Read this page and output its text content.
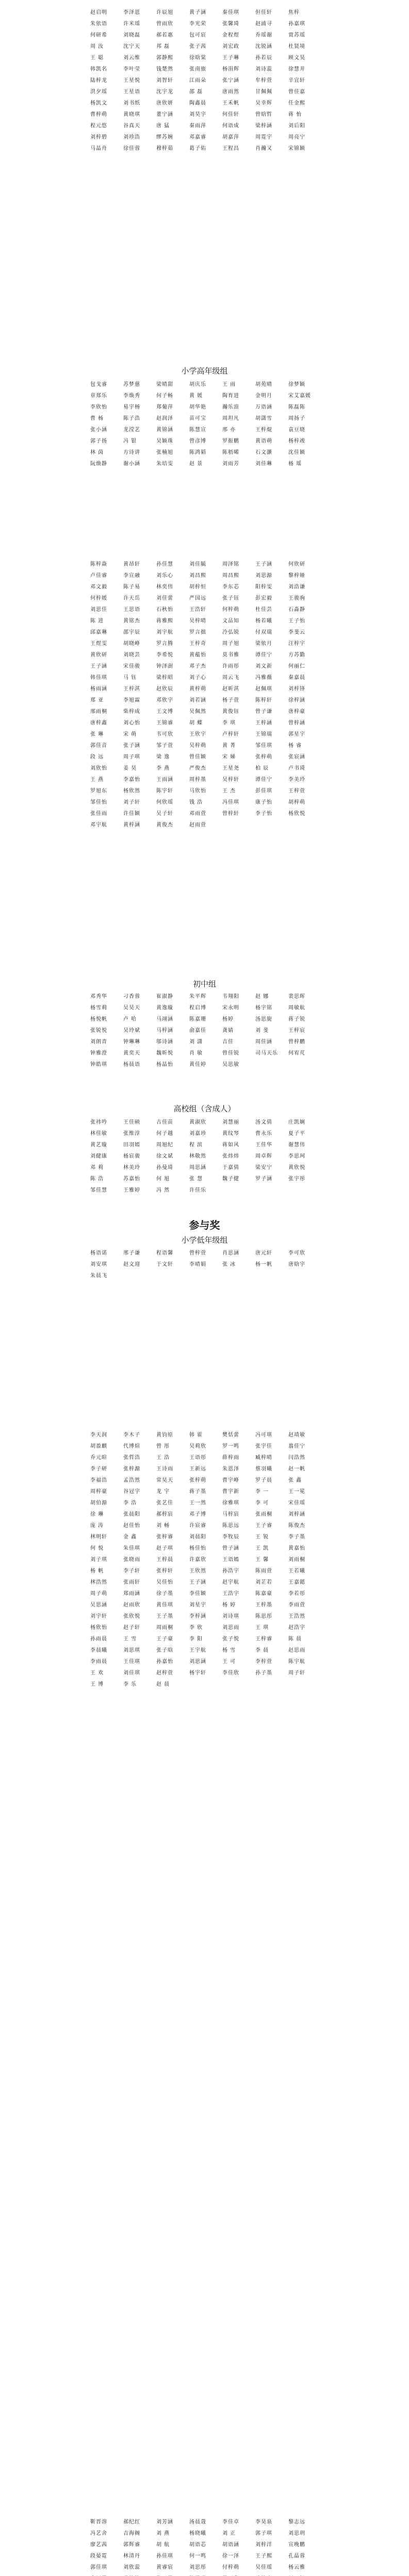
赵启明	李泽恩	许辰旭	黄子涵	秦佳琪	但佳轩	焦梓
朱依语	许米瑶	曾雨欣	李光荣	张馨琦	赵浦寻	孙嘉琪
何研希	刘晓磊	郝若惠	包可宸	金程煜	乔瑶谢	贾苏瑶
周 汝	沈宁天	邦 磊	张子茜	刘宏政	沈锐涵	杜贤境
王 聪	刘云维	郭静熙	徐晗棠	王子琳	孙若辰	顾文昊
韩凯名	李叶莹	钱楚然	张南旅	杨涓辉	刘诗蕊	徐慧并
陆梓龙	王星悦	刘智轩	江雨朵	张宁涵	牟梓萱	辛宜轩
洪夕瑶	王星语	沈宇龙	邵 磊	唐雨然	甘佩佩	曾佳嘉
杨凯文	刘书纸	唐欣妍	陶鑫晨	王禾帆	吴幸辉	任金熙
曹梓萌	黄晓琪	董宁涵	刘昊宇	何佳轩	曾晗哲	蒋 怡
程元悠	谷真天	唐 猛	秦雨萍	何语成	梁梓涵	刘后阳
刘梓碧	刘珍浩	缪苏婉	邓嘉睿	胡嘉萍	周霓宇	周亮宁
马晶舟	徐佳蓉	穆梓茹	葛子佑	王程昌	肖瀚又	宋锦颖
小学高年级组
包戈睿	苏梦慈	梁晴甜	胡庆乐	王 雨	胡苑晴	徐梦颖
章郑乐	李焕秀	何子畅	黄 媛	陶育进	金明月	宋艾嘉媛
李欣怡	易宇杨	郑葡萍	胡华艳	瀚乐浪	万语涵	陈磊陈
曹 杨	陈子浩	赵润泽	苗可宝	周坦凡	胡潇雪	周扬子
张小涵	龙滢艺	黄锦涵	陈慧宣	邢 亦	王梓焜	袁豆晓
郭子扬	冯 银	吴颖珠	曾彦博	罗振鹏	黄语萌	杨梓竣
林 茵	方诗讲	张楠旭	陈鸿韬	陈梧晞	石文灏	沈佳颖
阮焕静	谢小涵	朱培雯	赵 景	刘雨芳	刘佳琳	杨 瑶
陈梓焱	黄昂轩	孙佳慧	刘佳毓	周泽铭	王子涵	何欣研
卢佳睿	李宣融	刘乐心	刘昌熙	周昌熙	刘思源	黎梓娅
邓文毅	陈子易	林奕伟	胡梓恒	李东芯	阳梓雯	刘浩谦
何梓媛	许天岳	刘佳蕾	严国远	张子钰	彭宏毅	王骏驹
刘思佳	王思语	石秋怡	王浩轩	何梓萌	杜佳芸	石淼静
陈 进	黄铭杰	蒋雅熙	吴梓晴	文品知	杨若曦	王子怡
邱嘉琳	邵宇辰	刘宇航	罗言拙	冷弘锐	付双瑞	李斐云
王煜雯	胡晓峰	罗言腾	王梓奇	周子旭	梁依月	汪梓宇
黄欣研	刘晓芸	李希悦	黄蕴怡	莫书雅	谭佳宁	方苏勤
王子涵	宋佳骏	钟泽澍	邓子杰	许雨彤	刘文新	何丽仁
韩佳琪	马 钰	梁梓昭	刘子心	周云飞	冯雅薇	秦嘉晨
杨雨涵	王梓淇	赵欣辰	黄梓萌	赵昕淇	赵佩琪	刘梓锋
郑 亚	李旭霖	邓欣宇	刘若涵	杨子萱	陈梓轩	徐梓涵
邢雨桐	柴梓成	王文博	吴佩然	黄俊钰	曾子谦	唐梓豪
唐梓鑫	刘心怡	王锦睿	胡 蝶	李 琪	王梓涵	曾梓涵
张 琳	宋 萌	韦可欣	王欣宇	卢梓轩	王锦瑞	郭星宇
郭佳音	张子涵	邹子萱	吴梓萌	黄 菁	邹佳琪	杨 睿
段 远	周子琪	梁 逸	曾佳颖	宋 娣	张梓萌	张宸涵
刘欣怡	姜 昊	李 燕	严俊杰	王星尧	柏 辰	卢书琦
王 燕	李嘉怡	王雨涵	周梓墨	吴梓轩	谭佳宁	李美玲
罗旭东	杨欣然	陈宇轩	马欣怡	王 杰	彭佳琪	王梓萱
邹佳怡	刘子轩	何欣瑶	钱 浩	冯佳琪	康子怡	胡梓萌
张佳雨	许佳颖	吴子轩	邓雨萱	曾梓轩	李子怡	杨欣悦
邓宇航	黄梓涵	黄俊杰	赵雨萱
初中组
邓秀华	刁香蓉	崔淑静	朱平辉	韦翔阳	赵 娜	裴思晖
杨雪莉	吴昊天	黄逸璇	程启博	宋永明	杨宇铭	周敏航
杨悦帆	卢 哈	马翊涵	陈嘉珊	杨婷	汤思旎	蒋子锐
张锐悦	吴玲斌	马梓涵	俞嘉佳	龚婧	刘 斐	王梓宸
刘朗青	钟琳琳	邬诗涵	刘 潇	吉佳	周佳涵	曾梓鹏
钟雅澄	黄奕天	魏昕悦	肖 敏	曾佳锐	司马天乐	何宥芃
钟皓琪	杨晨语	杨晶怡	黄佳婷	吴思敏
高校组（含成人）
张祎吟	王佳硕	古佳苗	黄淑欣	刘慧丽	汤文倩	庄凯娴
林佳敏	张维淳	何子越	刘嘉珍	黄纹琴	曹永乐	夏子平
黄艺璇	田羽嫣	周旭纪	程 滨	蒋如风	王佳华	谢慧伟
刘健康	杨宸骏	徐文斌	林敬然	张炜炜	周卓辉	李思珂
邓 莉	林美玲	孙曼琦	周思涵	于嘉倩	梁安宁	黄欣悦
陈 浩	苏嘉怡	何 旭	张 慧	魏子健	罗子涵	张宇彤
邹佳慧	王雅婷	冯 然	许佳乐
参与奖
小学低年级组
杨语诺	邢子谦	程语馨	曾梓萱	肖思涵	唐元轩	李可欣
刘安琪	赵文迎	于文轩	李晴娟	张 冰	杨一帆	唐晗宇
朱晨飞
李天润	李木子	黄钧原	韩 霍	樊恬蕾	冯可琪	赵靖敏
胡盈麒	代博煊	曾 彤	吴莉欣	罗一鸣	张宇佳	翁佳宁
乔元暄	张哲浩	王 浩	王语彤	薛梓雨	臧梓晴	闫浩然
李子研	张梓源	王诗雨	王新远	朱恩泽	蔡羽曦	赵一帆
李福浩	孟浩然	常昊天	张梓萌	曹宇峰	罗子晨	张 鑫
周梓豪	谷冠宇	龙 宇	蒋子墨	曹宇新	李 一	王一冕
胡伯源	李 浩	张艺佳	王一然	徐雅琪	李 可	宋佳瑶
徐 琳	张晨阳	郝梓宸	邓子博	马梓宸	张雨桐	刘梓涵
庞 涛	赵佳怡	刘 畅	许宸睿	陈思远	王子睿	陈俊杰
林明轩	金 鑫	张梓睿	刘晨阳	李牧辰	王 锐	李子墨
何 悦	朱佳琪	赵子琪	杨佳怡	曾子涵	王 凯	黄嘉怡
刘子琪	张晓雨	王梓晨	许嘉欣	王语嫣	王 馨	刘雨桐
杨 帆	李子轩	张梓轩	王欣然	孙浩宇	陈雨萱	王若曦
林浩然	张雨轩	吴佳怡	王子涵	赵宇航	刘芷若	王嘉懿
周子萌	郑雨涵	徐子墨	李佳颖	王浩宇	陈嘉豪	李若彤
吴思涵	赵雨欣	黄佳琪	刘星宇	杨 婷	王梓墨	李雨萱
刘宇轩	张欣悦	王子墨	李梓涵	刘诗琪	陈思彤	王浩然
杨欣怡	赵子轩	周雨桐	李 欣	刘思雨	王 琪	赵浩宇
孙雨晨	王 雪	王子豪	李 阳	张子悦	王梓睿	陈 晨
李晨曦	刘思琪	张子晗	王宇航	杨 雪	李 晨	赵思雨
李雨晨	王佳琪	孙嘉怡	刘思涵	王 可	李梓萱	陈宇航
王 欢	刘佳琪	赵梓萱	杨宇轩	李佳欣	孙子墨	周子轩
王 博	李 乐	赵 晨
靳晋溶	郝纪红	刘芳涵	汤晨蔻	李佳卓	李昊泉	黎志远
冯艺舍	吉海阁	刘 燕	杨晓曦	刘 正	郭子琪	刘思玥
廖艺茜	郭辉睿	胡 航	胡语芯	胡语涵	刘梓洋	宣晚鹏
段晏霓	林清丹	孙佳琪	何一鸣	徐一泽	王子熙	孔晶蓉
郭佳琪	刘欣蕊	黄睿宸	刘思彤	付梓萌	吴佳瑶	杨云雅
